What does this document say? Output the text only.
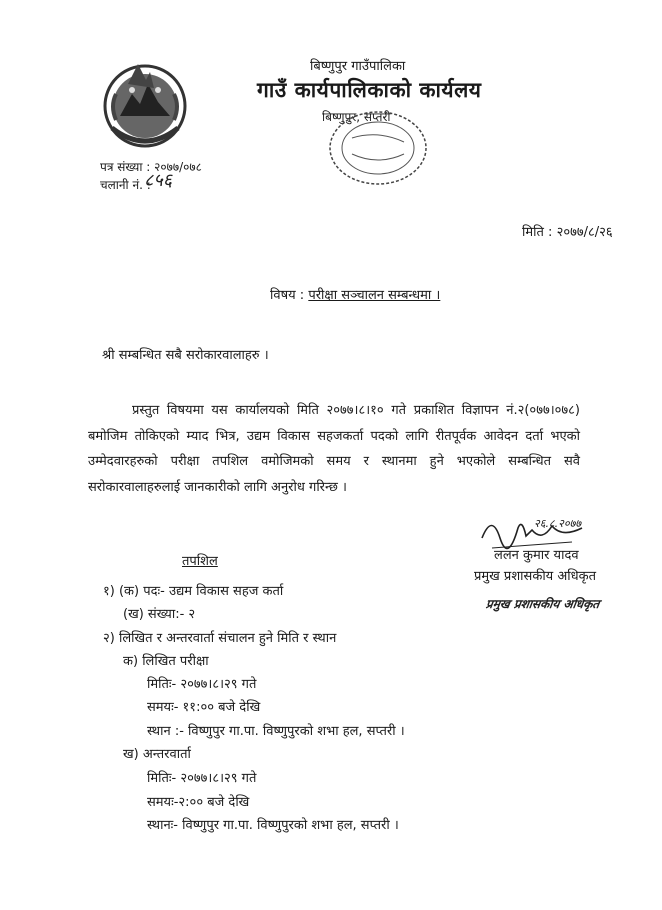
बिष्णुपुर गाउँपालिका
गाउँ कार्यपालिकाको कार्यलय
बिष्णुपुर, सप्तरी
पत्र संख्या : २०७७/०७८
चलानी नं. :
८५६
मिति : २०७७/८/२६
विषय : परीक्षा सञ्चालन सम्बन्धमा ।
श्री सम्बन्धित सबै सरोकारवालाहरु ।
प्रस्तुत विषयमा यस कार्यालयको मिति २०७७।८।१० गते प्रकाशित विज्ञापन नं.२(०७७।०७८) बमोजिम तोकिएको म्याद भित्र, उद्यम विकास सहजकर्ता पदको लागि रीतपूर्वक आवेदन दर्ता भएको उम्मेदवारहरुको परीक्षा तपशिल वमोजिमको समय र स्थानमा हुने भएकोले सम्बन्धित सवै सरोकारवालाहरुलाई जानकारीको लागि अनुरोध गरिन्छ ।
२६.८.२०७७
ललन कुमार यादव
प्रमुख प्रशासकीय अधिकृत
प्रमुख प्रशासकीय अधिकृत
तपशिल
१) (क) पदः- उद्यम विकास सहज कर्ता
(ख) संख्या:- २
२) लिखित र अन्तरवार्ता संचालन हुने मिति र स्थान
क) लिखित परीक्षा
मितिः- २०७७।८।२९ गते
समयः- ११:०० बजे देखि
स्थान :- विष्णुपुर गा.पा. विष्णुपुरको शभा हल, सप्तरी ।
ख) अन्तरवार्ता
मितिः- २०७७।८।२९ गते
समयः-२:०० बजे देखि
स्थानः- विष्णुपुर गा.पा. विष्णुपुरको शभा हल, सप्तरी ।
